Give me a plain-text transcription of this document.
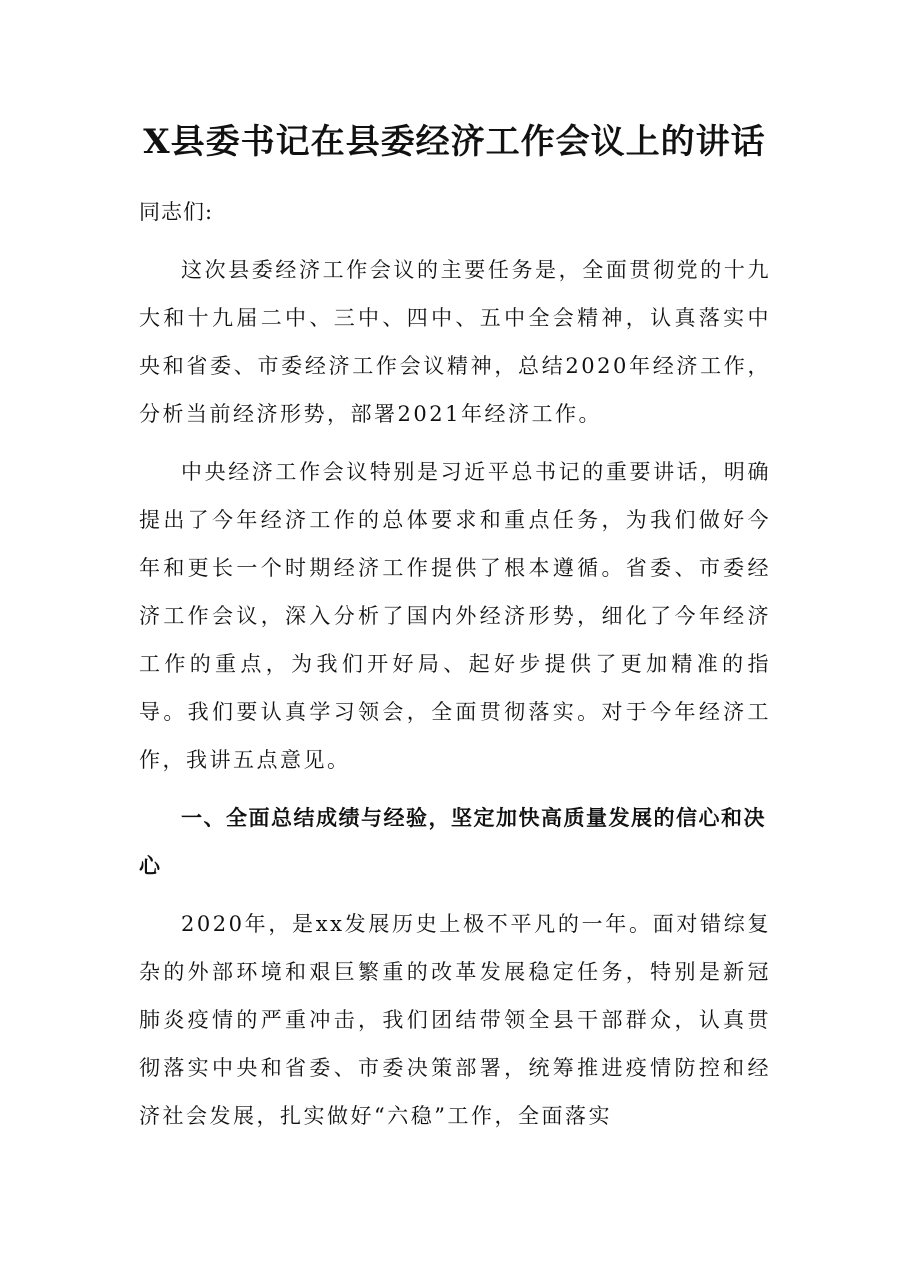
X县委书记在县委经济工作会议上的讲话
同志们:

这次县委经济工作会议的主要任务是，全面贯彻党的十九大和十九届二中、三中、四中、五中全会精神，认真落实中央和省委、市委经济工作会议精神，总结2020年经济工作，分析当前经济形势，部署2021年经济工作。

中央经济工作会议特别是习近平总书记的重要讲话，明确提出了今年经济工作的总体要求和重点任务，为我们做好今年和更长一个时期经济工作提供了根本遵循。省委、市委经济工作会议，深入分析了国内外经济形势，细化了今年经济工作的重点，为我们开好局、起好步提供了更加精准的指导。我们要认真学习领会，全面贯彻落实。对于今年经济工作，我讲五点意见。

一、全面总结成绩与经验，坚定加快高质量发展的信心和决心

2020年，是xx发展历史上极不平凡的一年。面对错综复杂的外部环境和艰巨繁重的改革发展稳定任务，特别是新冠肺炎疫情的严重冲击，我们团结带领全县干部群众，认真贯彻落实中央和省委、市委决策部署，统筹推进疫情防控和经济社会发展，扎实做好“六稳”工作，全面落实
